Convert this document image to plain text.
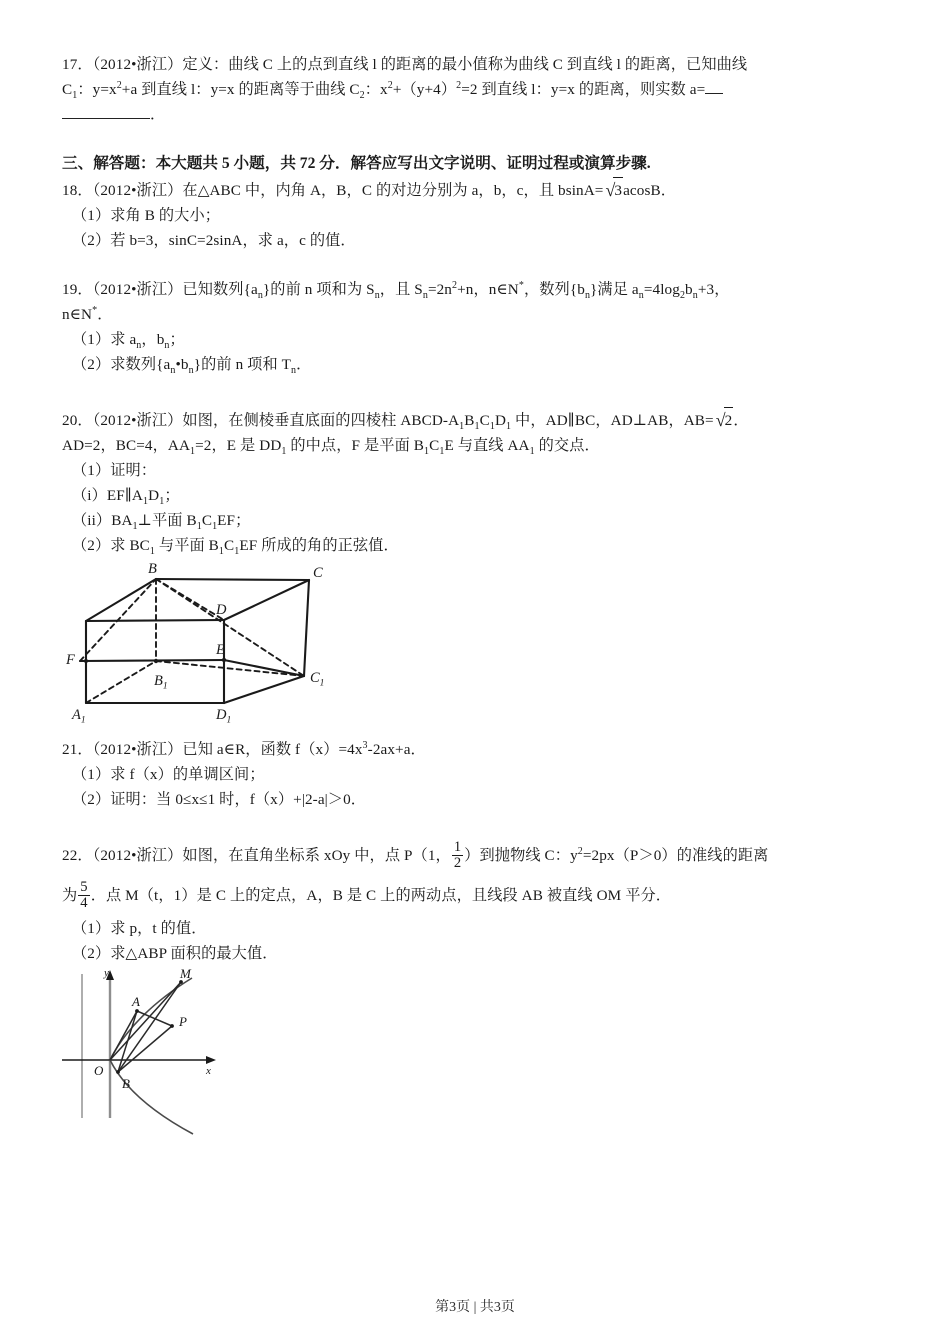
17．（2012•浙江）定义：曲线 C 上的点到直线 l 的距离的最小值称为曲线 C 到直线 l 的距离，已知曲线
$C_1$：$y=x^2+a$ 到直线 l：y=x 的距离等于曲线 $C_2$：$x^2+(y+4)^2=2$ 到直线 l：y=x 的距离，则实数 a=
．
三、解答题：本大题共 5 小题，共 72 分．解答应写出文字说明、证明过程或演算步骤.
18．（2012•浙江）在△ABC 中，内角 A，B，C 的对边分别为 a，b，c，且 bsinA= √3acosB．
（1）求角 B 的大小；
（2）若 b=3，sinC=2sinA，求 a，c 的值．
19．（2012•浙江）已知数列$\{a_n\}$的前 n 项和为 $S_n$，且 $S_n=2n^2+n$，n∈N*，数列$\{b_n\}$满足 $a_n=4\log_2b_n+3$，
n∈N*．
（1）求 $a_n$，$b_n$；
（2）求数列$\{a_n•b_n\}$的前 n 项和 $T_n$．
20．（2012•浙江）如图，在侧棱垂直底面的四棱柱 $ABCD‑A_1B_1C_1D_1$ 中，AD∥BC，AD⊥AB，AB= √2．
AD=2，BC=4，$AA_1=2$，E 是 $DD_1$ 的中点，F 是平面 $B_1C_1E$ 与直线 $AA_1$ 的交点．
（1）证明：
$(i)EF\parallel A_1D_1$；
$(ii)BA_1\perp$平面 $B_1C_1EF$；
（2）求 $BC_1$ 与平面 $B_1C_1EF$ 所成的角的正弦值．
B	C
D
F
E
$C_1$
$B_1$
$A_1$	$D_1$
21．（2012•浙江）已知 a∈R，函数 $f(x)=4x^3‑2ax+a$．
（1）求 f（x）的单调区间；
（2）证明：当 0≤x≤1 时，f（x）+|2‑a|＞0．
22．（2012•浙江）如图，在直角坐标系 xOy 中，点 P（1， $\frac{1}{2}$ ）到抛物线 C：$y^2=2px(P>0)$的准线的距离
为 $\frac{5}{4}$ ．点 M（t，1）是 C 上的定点，A，B 是 C 上的两动点，且线段 AB 被直线 OM 平分．
（1）求 p，t 的值．
（2）求△ABP 面积的最大值．
y
x
O
A
B
M
P
第3页 | 共3页
